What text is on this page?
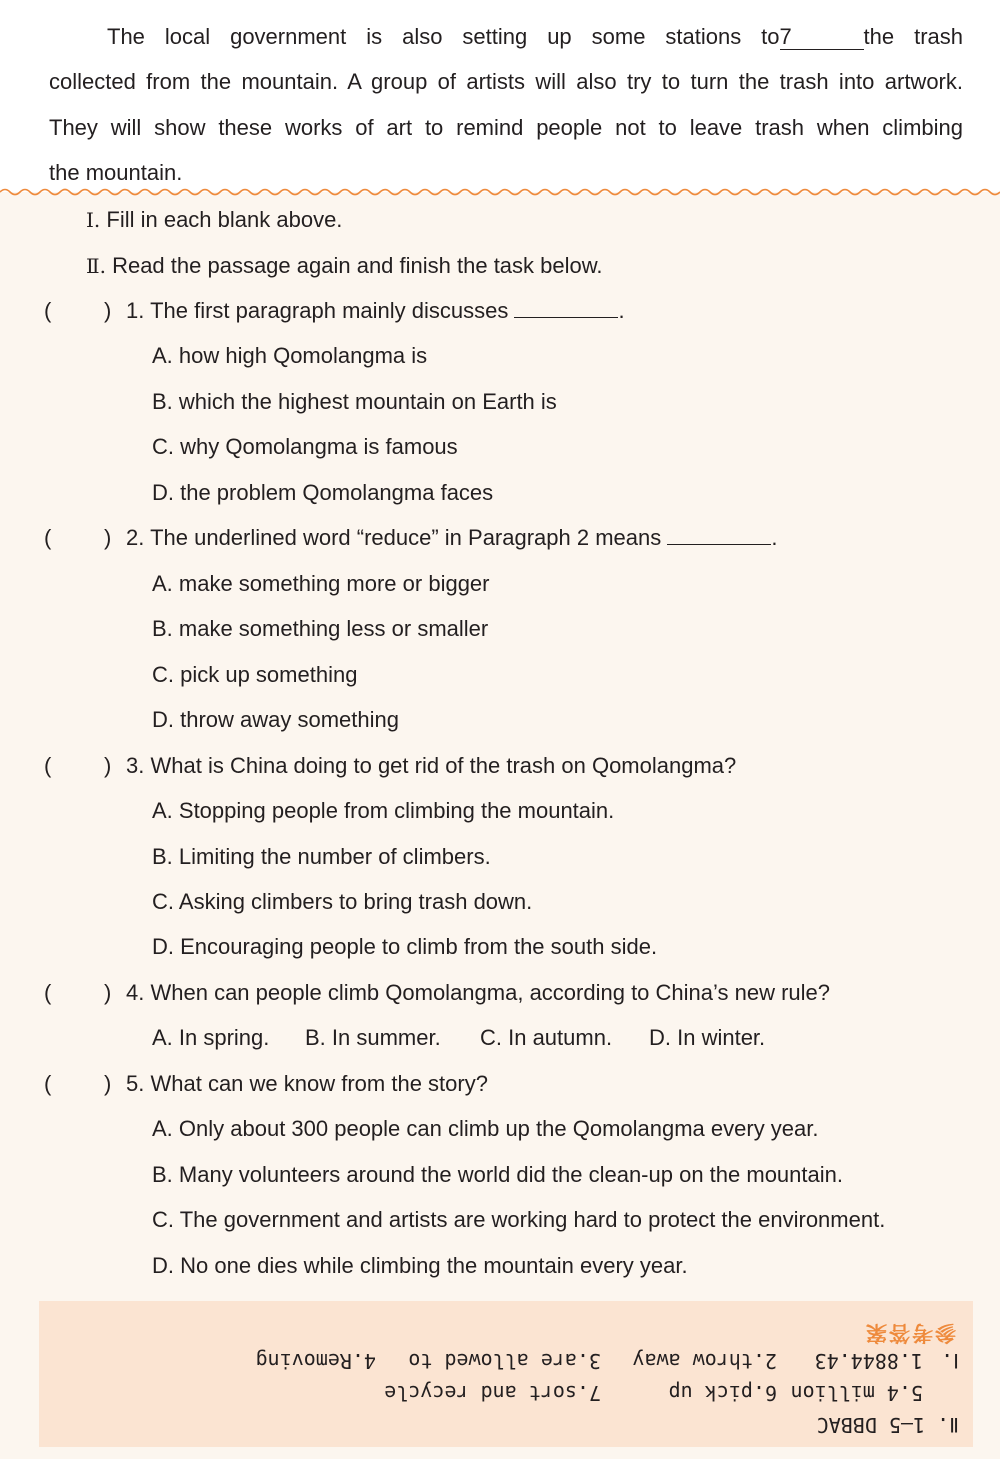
The local government is also setting up some stations to7	the trash
collected from the mountain. A group of artists will also try to turn the trash into artwork.
They will show these works of art to remind people not to leave trash when climbing
the mountain.
Ⅰ. Fill in each blank above.
Ⅱ. Read the passage again and finish the task below.
( ) 1. The first paragraph mainly discusses	.
A. how high Qomolangma is
B. which the highest mountain on Earth is
C. why Qomolangma is famous
D. the problem Qomolangma faces
( ) 2. The underlined word “reduce” in Paragraph 2 means	.
A. make something more or bigger
B. make something less or smaller
C. pick up something
D. throw away something
( ) 3. What is China doing to get rid of the trash on Qomolangma?
A. Stopping people from climbing the mountain.
B. Limiting the number of climbers.
C. Asking climbers to bring trash down.
D. Encouraging people to climb from the south side.
( ) 4. When can people climb Qomolangma, according to China’s new rule?
A. In spring. B. In summer. C. In autumn. D. In winter.
( ) 5. What can we know from the story?
A. Only about 300 people can climb up the Qomolangma every year.
B. Many volunteers around the world did the clean-up on the mountain.
C. The government and artists are working hard to protect the environment.
D. No one dies while climbing the mountain every year.
参考答案
Ⅰ.
1.8844.43
2.throw away
3.are allowed to
4.Removing
5.4 million
6.pick up
7.sort and recycle
Ⅱ. 1—5 DBBAC
